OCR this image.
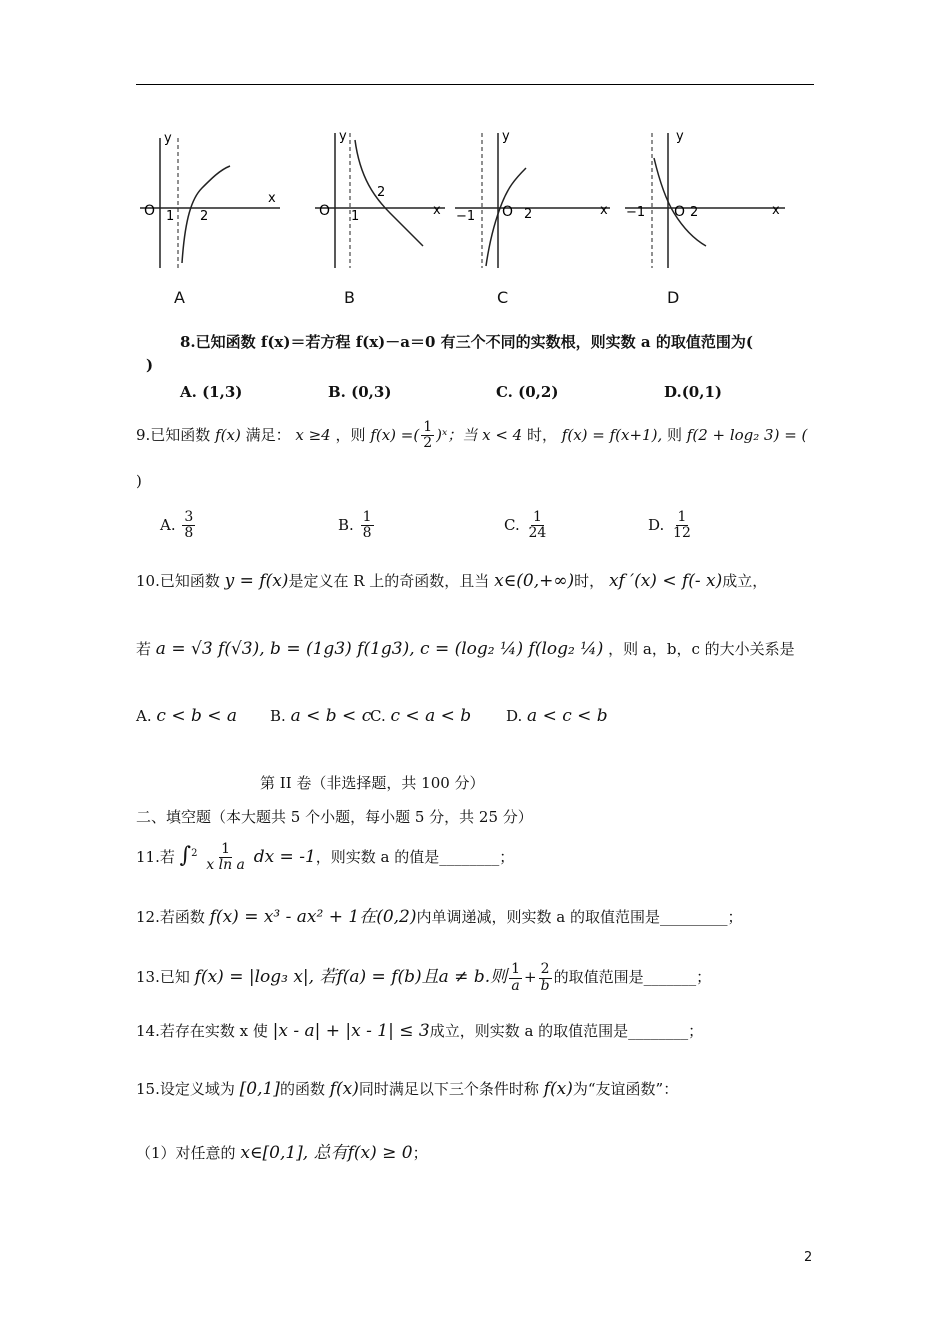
O 1 2
x
y
O 1
2
x
y
−1 O 2	x
y
−1 O 2	x
y
A	B	C	D
8.已知函数 f(x)＝若方程 f(x)－a＝0 有三个不同的实数根，则实数 a 的取值范围为(
)
A. (1,3)	B. (0,3)	C. (0,2)	D.(0,1)
9.已知函数 f(x) 满足： x ≥4 ，则 f(x) =( $\frac{1}{2}$ )ˣ；当 x < 4 时， f(x) = f(x+1), 则 f(2 + log₂ 3) = (
)
A. $\frac{3}{8}$	B. $\frac{1}{8}$	C. $\frac{1}{24}$	D. $\frac{1}{12}$
10.已知函数 y = f(x)是定义在 R 上的奇函数，且当 x∈(0,+∞)时， xf ′(x) < f(- x)成立，
若 a = √3 f(√3), b = (1g3) f(1g3), c = (log₂ ¼) f(log₂ ¼) ，则 a，b，c 的大小关系是
A. c < b < a B. a < b < c
C. c < a < b D. a < c < b
第 II 卷（非选择题，共 100 分）
二、填空题（本大题共 5 个小题，每小题 5 分，共 25 分）
11.若 $\int^2 \frac{1}{\text{x ln a}}$ dx = -1，则实数 a 的值是________；
12.若函数 f(x) = x³ - ax² + 1在(0,2)内单调递减，则实数 a 的取值范围是_________；
13.已知 f(x) = |log₃ x|, 若f(a) = f(b)且a ≠ b.则 $\frac{1}{a} + \frac{2}{b}$ 的取值范围是_______；
14.若存在实数 x 使 |x - a| + |x - 1| ≤ 3成立，则实数 a 的取值范围是________；
15.设定义域为 [0,1]的函数 f(x)同时满足以下三个条件时称 f(x)为“友谊函数”：
（1）对任意的 x∈[0,1], 总有f(x) ≥ 0；
2
